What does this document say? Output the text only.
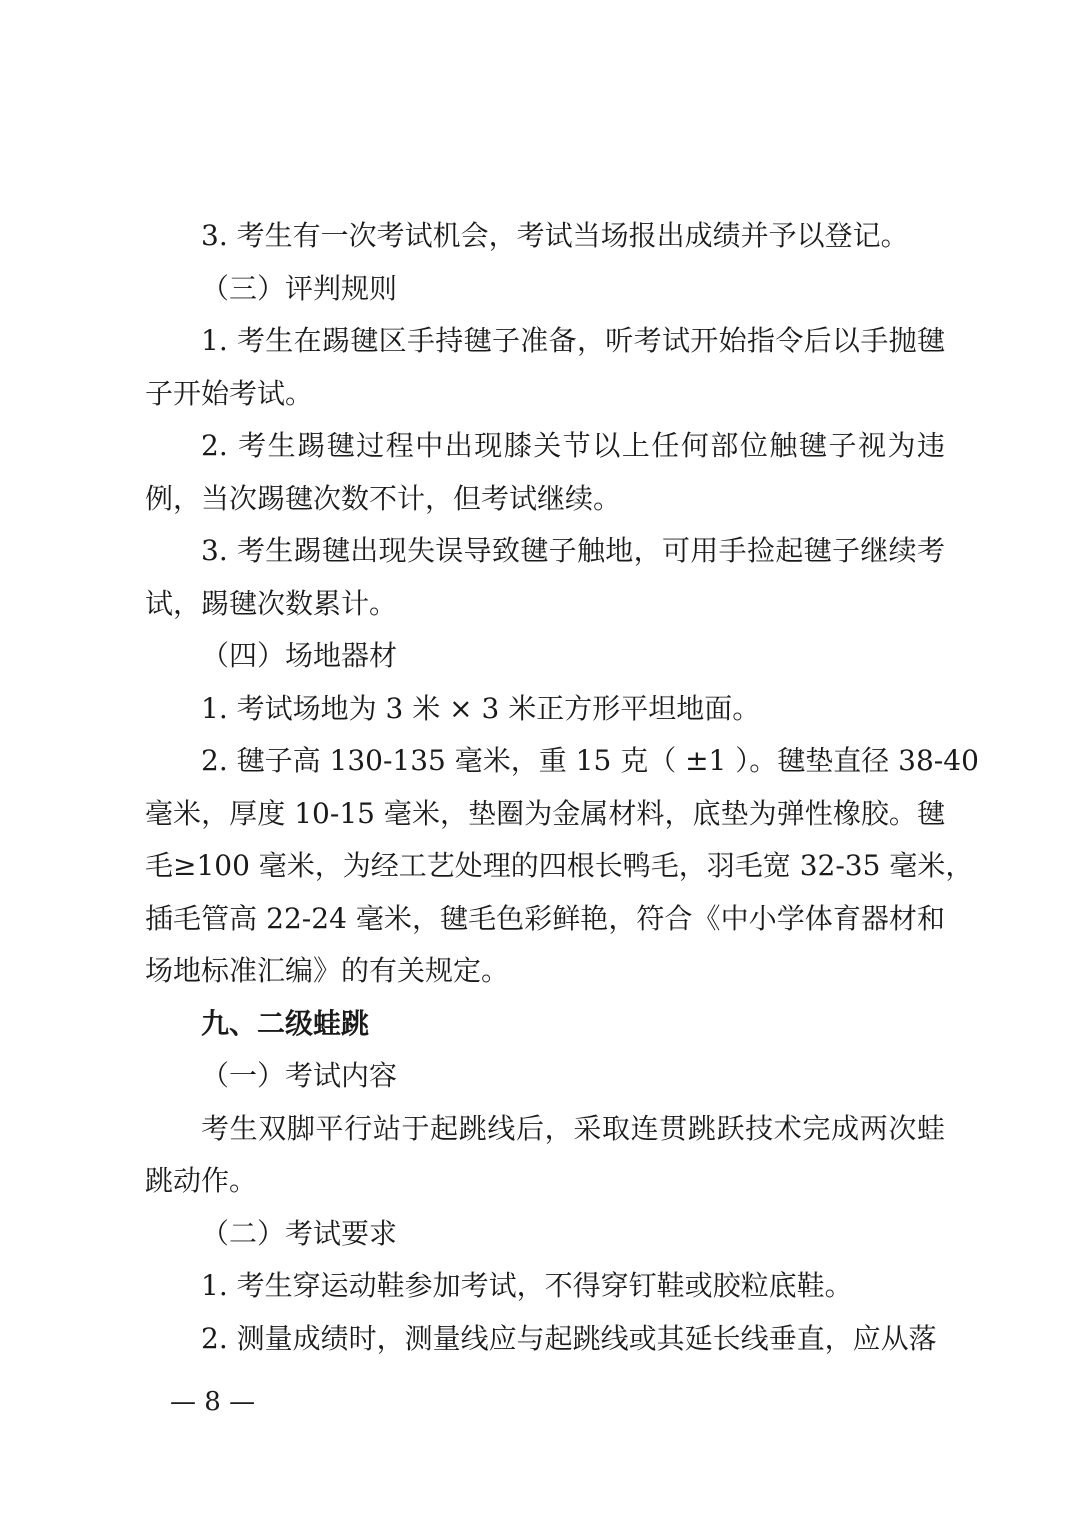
3. 考生有一次考试机会，考试当场报出成绩并予以登记。
（三）评判规则
1. 考生在踢毽区手持毽子准备，听考试开始指令后以手抛毽
子开始考试。
2. 考生踢毽过程中出现膝关节以上任何部位触毽子视为违
例，当次踢毽次数不计，但考试继续。
3. 考生踢毽出现失误导致毽子触地，可用手捡起毽子继续考
试，踢毽次数累计。
（四）场地器材
1. 考试场地为 3 米 × 3 米正方形平坦地面。
2. 毽子高 130-135 毫米，重 15 克（ ±1 ）。毽垫直径 38-40
毫米，厚度 10-15 毫米，垫圈为金属材料，底垫为弹性橡胶。毽
毛≥100 毫米，为经工艺处理的四根长鸭毛，羽毛宽 32-35 毫米，
插毛管高 22-24 毫米，毽毛色彩鲜艳，符合《中小学体育器材和
场地标准汇编》的有关规定。
九、二级蛙跳
（一）考试内容
考生双脚平行站于起跳线后，采取连贯跳跃技术完成两次蛙
跳动作。
（二）考试要求
1. 考生穿运动鞋参加考试，不得穿钉鞋或胶粒底鞋。
2. 测量成绩时，测量线应与起跳线或其延长线垂直，应从落
— 8 —
